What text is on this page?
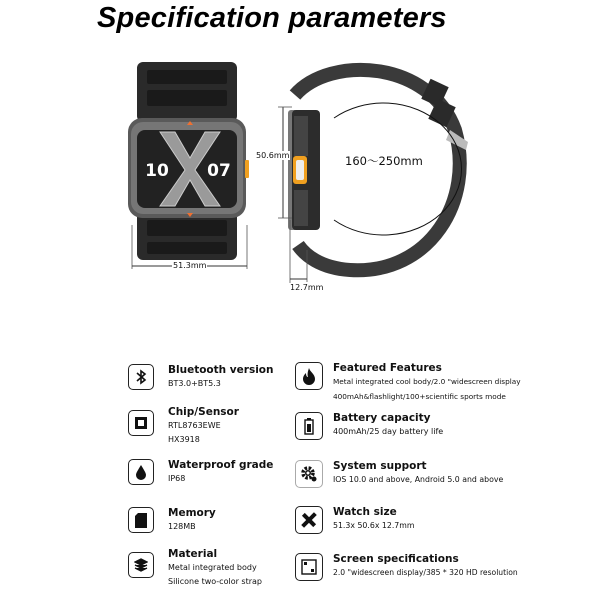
Specification parameters
10 07
51.3mm
50.6mm
12.7mm
160～250mm
Bluetooth version
BT3.0+BT5.3
Chip/Sensor
RTL8763EWE
HX3918
Waterproof grade
IP68
Memory
128MB
Material
Metal integrated body
Silicone two-color strap
Featured Features
Metal integrated cool body/2.0 "widescreen display
400mAh&flashlight/100+scientific sports mode
Battery capacity
400mAh/25 day battery life
System support
IOS 10.0 and above, Android 5.0 and above
Watch size
51.3x 50.6x 12.7mm
Screen specifications
2.0 "widescreen display/385 * 320 HD resolution
